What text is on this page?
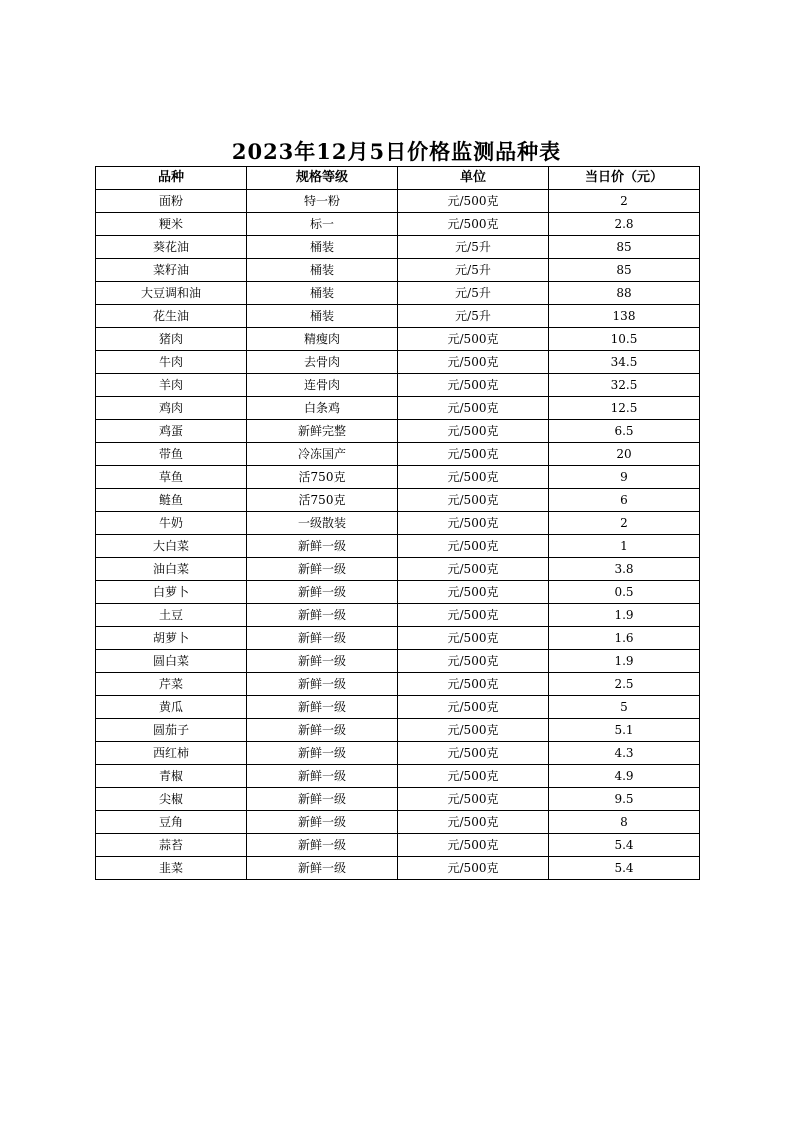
2023年12月5日价格监测品种表
品种	规格等级	单位	当日价（元）
面粉	特一粉	元/500克	2
粳米	标一	元/500克	2.8
葵花油	桶装	元/5升	85
菜籽油	桶装	元/5升	85
大豆调和油	桶装	元/5升	88
花生油	桶装	元/5升	138
猪肉	精瘦肉	元/500克	10.5
牛肉	去骨肉	元/500克	34.5
羊肉	连骨肉	元/500克	32.5
鸡肉	白条鸡	元/500克	12.5
鸡蛋	新鲜完整	元/500克	6.5
带鱼	冷冻国产	元/500克	20
草鱼	活750克	元/500克	9
鲢鱼	活750克	元/500克	6
牛奶	一级散装	元/500克	2
大白菜	新鲜一级	元/500克	1
油白菜	新鲜一级	元/500克	3.8
白萝卜	新鲜一级	元/500克	0.5
土豆	新鲜一级	元/500克	1.9
胡萝卜	新鲜一级	元/500克	1.6
圆白菜	新鲜一级	元/500克	1.9
芹菜	新鲜一级	元/500克	2.5
黄瓜	新鲜一级	元/500克	5
圆茄子	新鲜一级	元/500克	5.1
西红柿	新鲜一级	元/500克	4.3
青椒	新鲜一级	元/500克	4.9
尖椒	新鲜一级	元/500克	9.5
豆角	新鲜一级	元/500克	8
蒜苔	新鲜一级	元/500克	5.4
韭菜	新鲜一级	元/500克	5.4
